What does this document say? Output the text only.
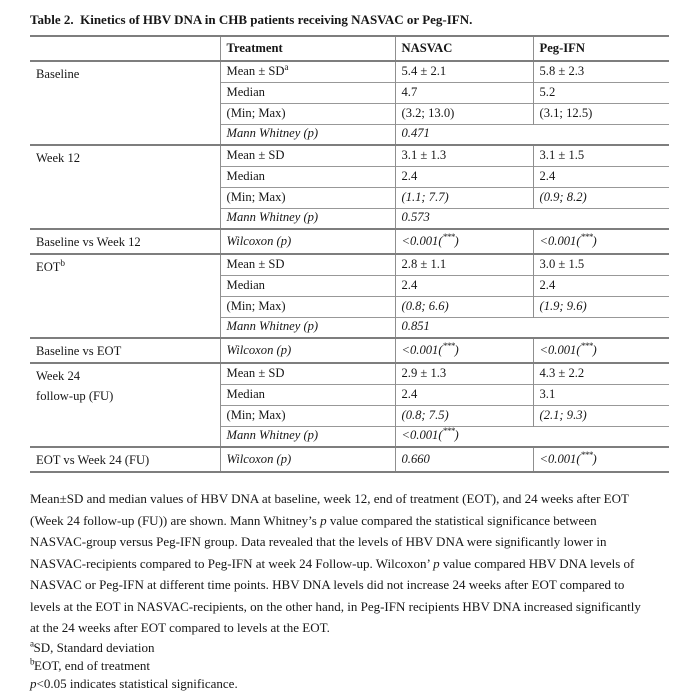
Table 2.  Kinetics of HBV DNA in CHB patients receiving NASVAC or Peg-IFN.
	Treatment	NASVAC	Peg-IFN
Baseline	Mean ± $SD^a$	5.4 ± 2.1	5.8 ± 2.3
	Median	4.7	5.2
	(Min; Max)	(3.2; 13.0)	(3.1; 12.5)
	Mann Whitney (p)	0.471	
Week 12	Mean ± SD	3.1 ± 1.3	3.1 ± 1.5
	Median	2.4	2.4
	(Min; Max)	(1.1; 7.7)	(0.9; 8.2)
	Mann Whitney (p)	0.573	
Baseline vs Week 12	Wilcoxon (p)	<0.001(***)	<0.001(***)
EOT$^b$	Mean ± SD	2.8 ± 1.1	3.0 ± 1.5
	Median	2.4	2.4
	(Min; Max)	(0.8; 6.6)	(1.9; 9.6)
	Mann Whitney (p)	0.851	
Baseline vs EOT	Wilcoxon (p)	<0.001(***)	<0.001(***)
Week 24
follow-up (FU)	Mean ± SD	2.9 ± 1.3	4.3 ± 2.2
	Median	2.4	3.1
	(Min; Max)	(0.8; 7.5)	(2.1; 9.3)
	Mann Whitney (p)	<0.001(***)	
EOT vs Week 24 (FU)	Wilcoxon (p)	0.660	<0.001(***)
Mean±SD and median values of HBV DNA at baseline, week 12, end of treatment (EOT), and 24 weeks after EOT
(Week 24 follow-up (FU)) are shown. Mann Whitney’s p value compared the statistical significance between
NASVAC-group versus Peg-IFN group. Data revealed that the levels of HBV DNA were significantly lower in
NASVAC-recipients compared to Peg-IFN at week 24 Follow-up. Wilcoxon’ p value compared HBV DNA levels of
NASVAC or Peg-IFN at different time points. HBV DNA levels did not increase 24 weeks after EOT compared to
levels at the EOT in NASVAC-recipients, on the other hand, in Peg-IFN recipients HBV DNA increased significantly
at the 24 weeks after EOT compared to levels at the EOT.
$^a$SD, Standard deviation
$^b$EOT, end of treatment
p<0.05 indicates statistical significance.
